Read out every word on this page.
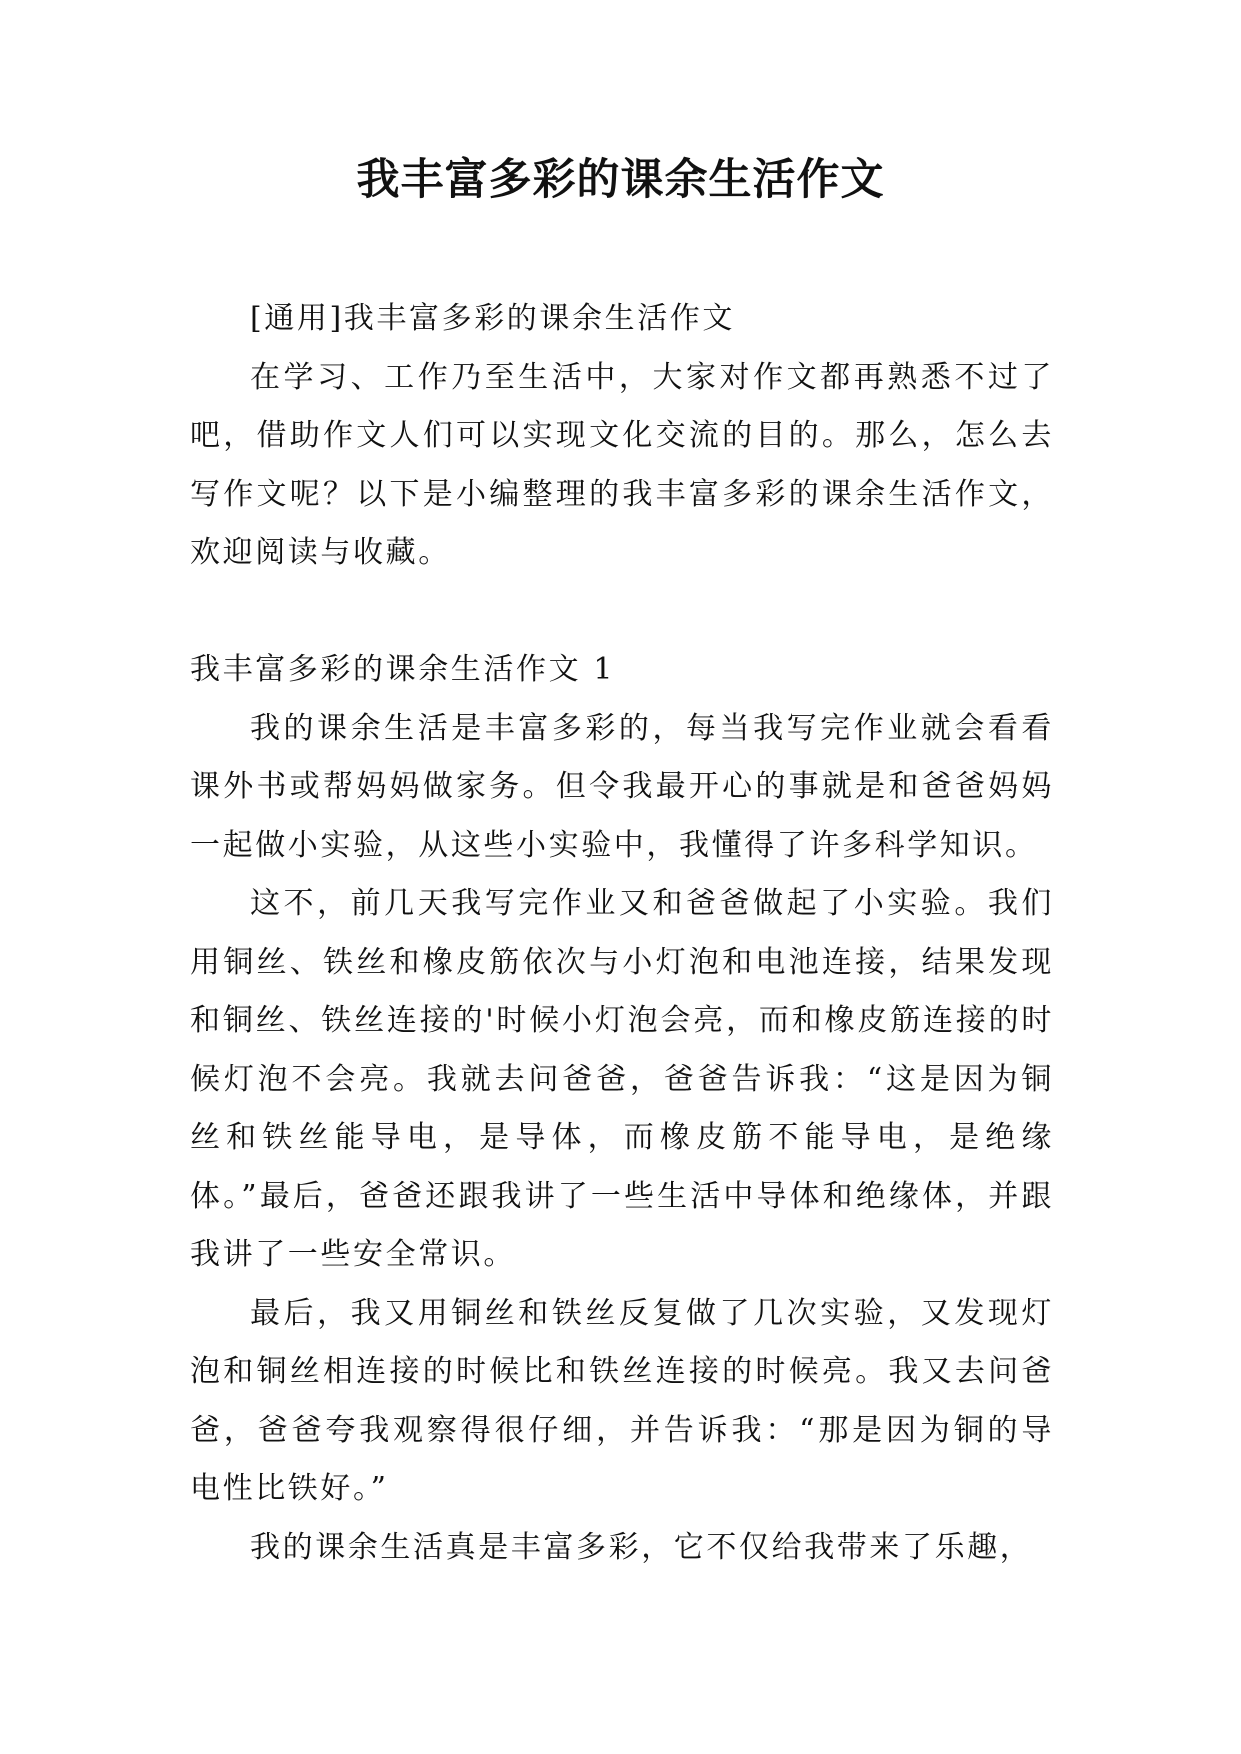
我丰富多彩的课余生活作文

[通用]我丰富多彩的课余生活作文

在学习、工作乃至生活中，大家对作文都再熟悉不过了吧，借助作文人们可以实现文化交流的目的。那么，怎么去写作文呢？以下是小编整理的我丰富多彩的课余生活作文，欢迎阅读与收藏。

我丰富多彩的课余生活作文 1

我的课余生活是丰富多彩的，每当我写完作业就会看看课外书或帮妈妈做家务。但令我最开心的事就是和爸爸妈妈一起做小实验，从这些小实验中，我懂得了许多科学知识。

这不，前几天我写完作业又和爸爸做起了小实验。我们用铜丝、铁丝和橡皮筋依次与小灯泡和电池连接，结果发现和铜丝、铁丝连接的'时候小灯泡会亮，而和橡皮筋连接的时候灯泡不会亮。我就去问爸爸，爸爸告诉我：“这是因为铜丝和铁丝能导电，是导体，而橡皮筋不能导电，是绝缘体。”最后，爸爸还跟我讲了一些生活中导体和绝缘体，并跟我讲了一些安全常识。

最后，我又用铜丝和铁丝反复做了几次实验，又发现灯泡和铜丝相连接的时候比和铁丝连接的时候亮。我又去问爸爸，爸爸夸我观察得很仔细，并告诉我：“那是因为铜的导电性比铁好。”

我的课余生活真是丰富多彩，它不仅给我带来了乐趣，
